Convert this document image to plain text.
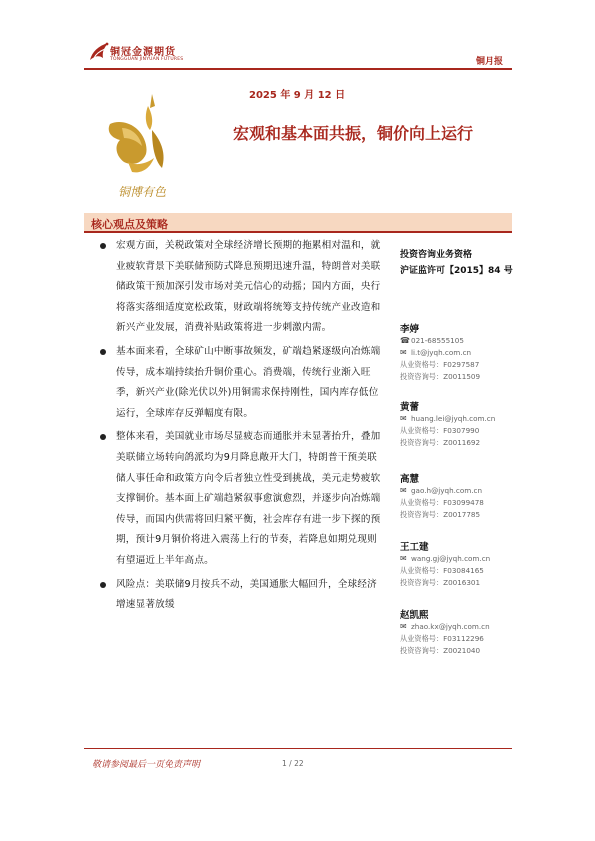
铜冠金源期货
TONGGUAN JINYUAN FUTURES	铜月报
2025 年 9 月 12 日
铜博有色
宏观和基本面共振，铜价向上运行
核心观点及策略
宏观方面，关税政策对全球经济增长预期的拖累相对温和，就业疲软背景下美联储预防式降息预期迅速升温，特朗普对美联储政策干预加深引发市场对美元信心的动摇；国内方面，央行将落实落细适度宽松政策，财政端将统筹支持传统产业改造和新兴产业发展，消费补贴政策将进一步刺激内需。
基本面来看，全球矿山中断事故频发，矿端趋紧逐级向冶炼端传导，成本端持续抬升铜价重心。消费端，传统行业渐入旺季，新兴产业(除光伏以外)用铜需求保持刚性，国内库存低位运行，全球库存反弹幅度有限。
整体来看，美国就业市场尽显疲态而通胀并未显著抬升，叠加美联储立场转向鸽派均为9月降息敞开大门，特朗普干预美联储人事任命和政策方向令后者独立性受到挑战，美元走势疲软支撑铜价。基本面上矿端趋紧叙事愈演愈烈，并逐步向冶炼端传导，而国内供需将回归紧平衡，社会库存有进一步下探的预期，预计9月铜价将进入震荡上行的节奏，若降息如期兑现则有望逼近上半年高点。
风险点：美联储9月按兵不动，美国通胀大幅回升，全球经济增速显著放缓
投资咨询业务资格
沪证监许可【2015】84 号
李婷
☎021-68555105
✉ li.t@jyqh.com.cn
从业资格号：F0297587
投资咨询号：Z0011509
黄蕾
✉ huang.lei@jyqh.com.cn
从业资格号：F0307990
投资咨询号：Z0011692
高慧
✉ gao.h@jyqh.com.cn
从业资格号：F03099478
投资咨询号：Z0017785
王工建
✉ wang.gj@jyqh.com.cn
从业资格号：F03084165
投资咨询号：Z0016301
赵凯熙
✉ zhao.kx@jyqh.com.cn
从业资格号：F03112296
投资咨询号：Z0021040
敬请参阅最后一页免责声明	1 / 22
